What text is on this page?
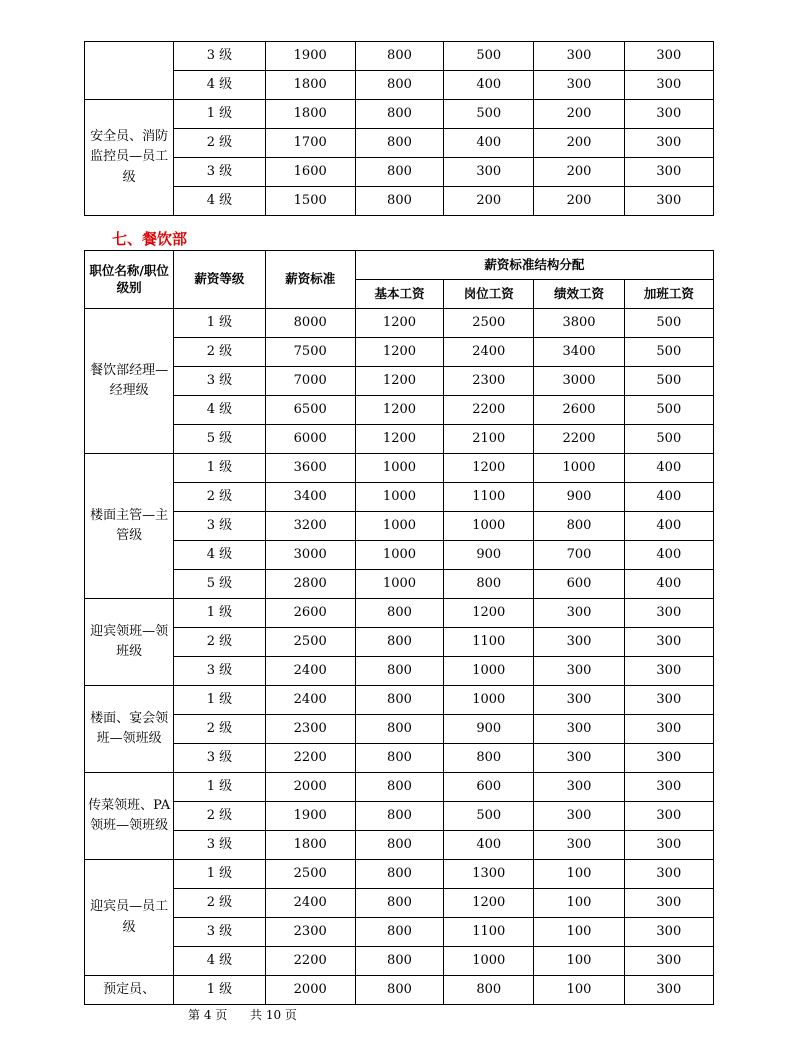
	3 级	1900	800	500	300	300
	4 级	1800	800	400	300	300
安全员、消防监控员—员工级	1 级	1800	800	500	200	300
	2 级	1700	800	400	200	300
	3 级	1600	800	300	200	300
	4 级	1500	800	200	200	300
七、餐饮部
职位名称/职位级别	薪资等级	薪资标准	薪资标准结构分配			
			基本工资	岗位工资	绩效工资	加班工资
餐饮部经理—经理级	1 级	8000	1200	2500	3800	500
	2 级	7500	1200	2400	3400	500
	3 级	7000	1200	2300	3000	500
	4 级	6500	1200	2200	2600	500
	5 级	6000	1200	2100	2200	500
楼面主管—主管级	1 级	3600	1000	1200	1000	400
	2 级	3400	1000	1100	900	400
	3 级	3200	1000	1000	800	400
	4 级	3000	1000	900	700	400
	5 级	2800	1000	800	600	400
迎宾领班—领班级	1 级	2600	800	1200	300	300
	2 级	2500	800	1100	300	300
	3 级	2400	800	1000	300	300
楼面、宴会领班—领班级	1 级	2400	800	1000	300	300
	2 级	2300	800	900	300	300
	3 级	2200	800	800	300	300
传菜领班、PA 领班—领班级	1 级	2000	800	600	300	300
	2 级	1900	800	500	300	300
	3 级	1800	800	400	300	300
迎宾员—员工级	1 级	2500	800	1300	100	300
	2 级	2400	800	1200	100	300
	3 级	2300	800	1100	100	300
	4 级	2200	800	1000	100	300
预定员、	1 级	2000	800	800	100	300
第 4 页 共 10 页
